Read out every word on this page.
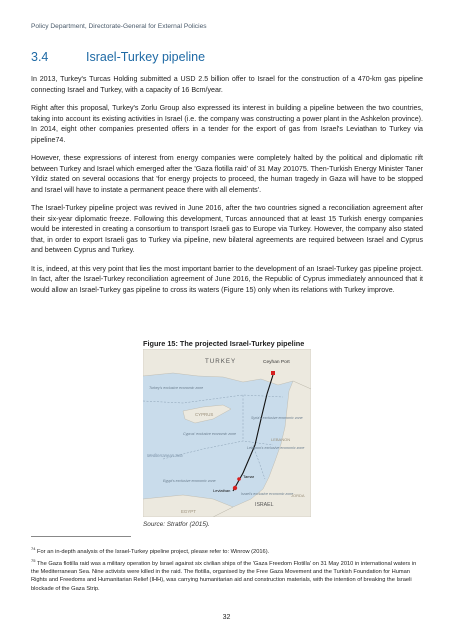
Policy Department, Directorate-General for External Policies
3.4	Israel-Turkey pipeline

In 2013, Turkey's Turcas Holding submitted a USD 2.5 billion offer to Israel for the construction of a 470-km gas pipeline connecting Israel and Turkey, with a capacity of 16 Bcm/year.

Right after this proposal, Turkey's Zorlu Group also expressed its interest in building a pipeline between the two countries, taking into account its existing activities in Israel (i.e. the company was constructing a power plant in the Ashkelon province). In 2014, eight other companies presented offers in a tender for the export of gas from Israel's Leviathan to Turkey via pipeline74.

However, these expressions of interest from energy companies were completely halted by the political and diplomatic rift between Turkey and Israel which emerged after the 'Gaza flotilla raid' of 31 May 201075. Then-Turkish Energy Minister Taner Yildiz stated on several occasions that 'for energy projects to proceed, the human tragedy in Gaza will have to be stopped and Israel will have to instate a permanent peace there with all elements'.

The Israel-Turkey pipeline project was revived in June 2016, after the two countries signed a reconciliation agreement after their six-year diplomatic freeze. Following this development, Turcas announced that at least 15 Turkish energy companies would be interested in creating a consortium to transport Israeli gas to Europe via Turkey. However, the company also stated that, in order to export Israeli gas to Turkey via pipeline, new bilateral agreements are required between Israel and Cyprus and between Cyprus and Turkey.

It is, indeed, at this very point that lies the most important barrier to the development of an Israel-Turkey gas pipeline project. In fact, after the Israel-Turkey reconciliation agreement of June 2016, the Republic of Cyprus immediately announced that it would allow an Israel-Turkey gas pipeline to cross its waters (Figure 15) only when its relations with Turkey improve.

Figure 15: The projected Israel-Turkey pipeline
TURKEY	Ceyhan Port
Turkey's exclusive economic zone
Syria's exclusive economic zone
CYPRUS
Cyprus' exclusive economic zone
LEBANON
Lebanon's exclusive economic zone
Mediterranean Sea
Tamar
Leviathan
Israel's exclusive economic zone
Egypt's exclusive economic zone
ISRAEL
JORDA
EGYPT
Source: Stratfor (2015).

$^{74}$ For an in-depth analysis of the Israel-Turkey pipeline project, please refer to: Winrow (2016).

$^{75}$ The Gaza flotilla raid was a military operation by Israel against six civilian ships of the 'Gaza Freedom Flotilla' on 31 May 2010 in international waters in the Mediterranean Sea. Nine activists were killed in the raid. The flotilla, organised by the Free Gaza Movement and the Turkish Foundation for Human Rights and Freedoms and Humanitarian Relief (IHH), was carrying humanitarian aid and construction materials, with the intention of breaking the Israeli blockade of the Gaza Strip.

32
